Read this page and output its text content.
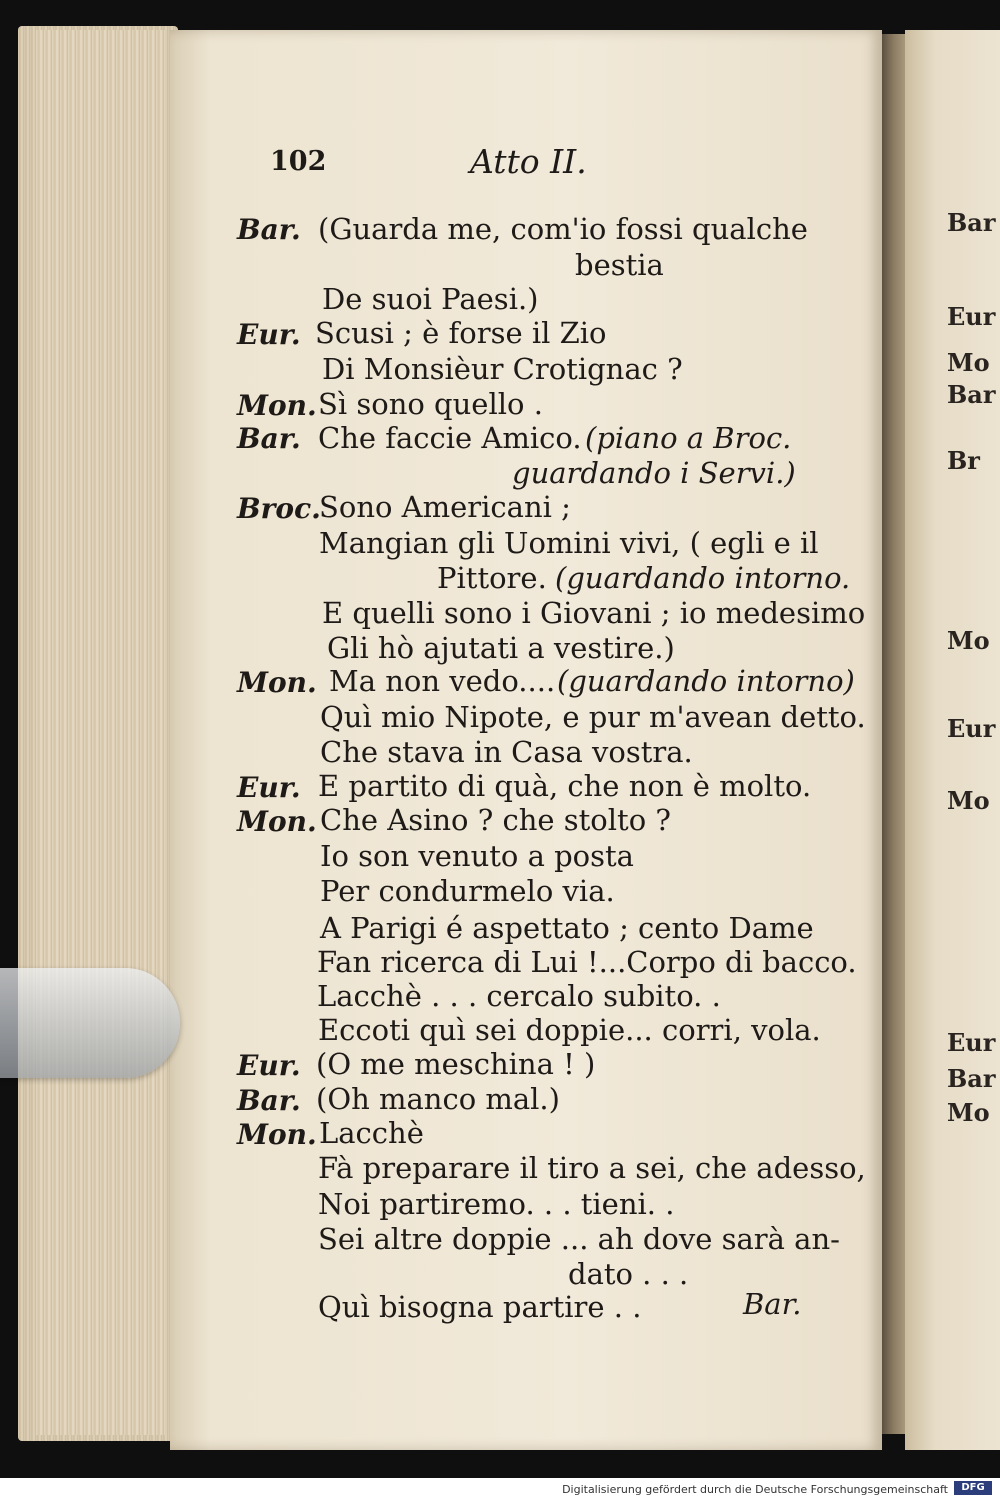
Bar
Eur
Mo
Bar
Br
Mo
Eur
Mo
Eur
Bar
Mo
102	Atto II.
Bar. (Guarda me, com'io fossi qualche
bestia
De suoi Paesi.)
Eur. Scusi ; è forse il Zio
Di Monsièur Crotignac ?
Mon. Sì sono quello .
Bar. Che faccie Amico. (piano a Broc.
guardando i Servi.)
Broc.
Sono Americani ;
Mangian gli Uomini vivi, ( egli e il
Pittore. (guardando intorno.
E quelli sono i Giovani ; io medesimo
Gli hò ajutati a vestire.)
Mon. Ma non vedo.... (guardando intorno)
Quì mio Nipote, e pur m'avean detto.
Che stava in Casa vostra.
Eur. E partito di quà, che non è molto.
Mon. Che Asino ? che stolto ?
Io son venuto a posta
Per condurmelo via.
A Parigi é aspettato ; cento Dame
Fan ricerca di Lui !...Corpo di bacco.
Lacchè . . . cercalo subito. .
Eccoti quì sei doppie... corri, vola.
Eur. (O me meschina ! )
Bar. (Oh manco mal.)
Mon. Lacchè
Fà preparare il tiro a sei, che adesso,
Noi partiremo. . . tieni. .
Sei altre doppie ... ah dove sarà an-
dato . . .
Quì bisogna partire . .	Bar.
Digitalisierung gefördert durch die Deutsche Forschungsgemeinschaft	DFG
